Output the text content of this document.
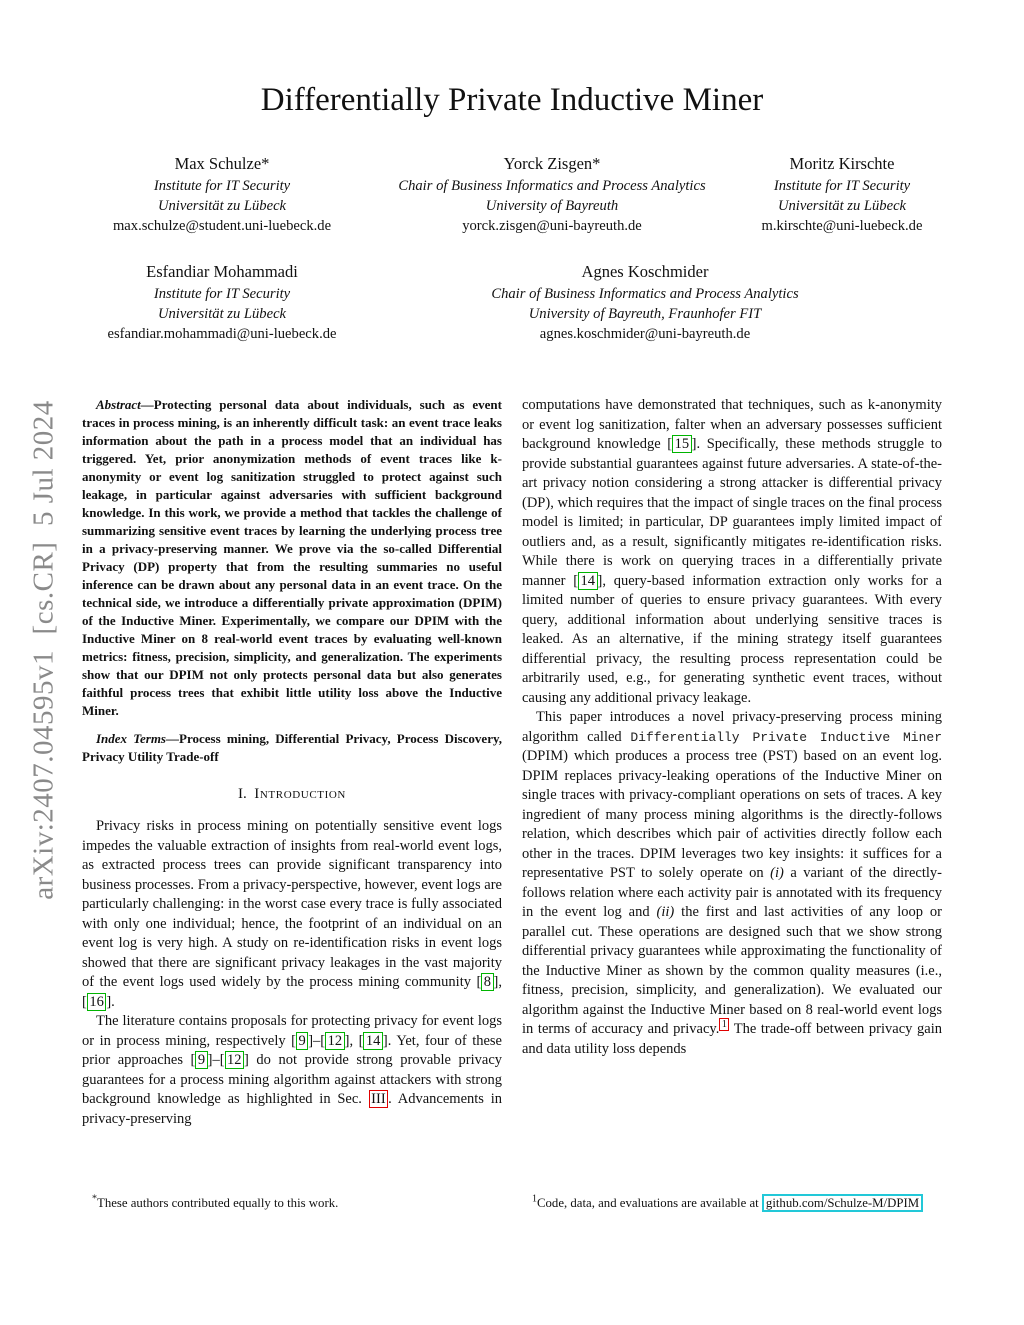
arXiv:2407.04595v1  [cs.CR]  5 Jul 2024
Differentially Private Inductive Miner
Max Schulze*
Institute for IT Security
Universität zu Lübeck
max.schulze@student.uni-luebeck.de
Yorck Zisgen*
Chair of Business Informatics and Process Analytics
University of Bayreuth
yorck.zisgen@uni-bayreuth.de
Moritz Kirschte
Institute for IT Security
Universität zu Lübeck
m.kirschte@uni-luebeck.de
Esfandiar Mohammadi
Institute for IT Security
Universität zu Lübeck
esfandiar.mohammadi@uni-luebeck.de
Agnes Koschmider
Chair of Business Informatics and Process Analytics
University of Bayreuth, Fraunhofer FIT
agnes.koschmider@uni-bayreuth.de

Abstract—Protecting personal data about individuals, such as event traces in process mining, is an inherently difficult task: an event trace leaks information about the path in a process model that an individual has triggered. Yet, prior anonymization methods of event traces like k-anonymity or event log sanitization struggled to protect against such leakage, in particular against adversaries with sufficient background knowledge. In this work, we provide a method that tackles the challenge of summarizing sensitive event traces by learning the underlying process tree in a privacy-preserving manner. We prove via the so-called Differential Privacy (DP) property that from the resulting summaries no useful inference can be drawn about any personal data in an event trace. On the technical side, we introduce a differentially private approximation (DPIM) of the Inductive Miner. Experimentally, we compare our DPIM with the Inductive Miner on 8 real-world event traces by evaluating well-known metrics: fitness, precision, simplicity, and generalization. The experiments show that our DPIM not only protects personal data but also generates faithful process trees that exhibit little utility loss above the Inductive Miner.

Index Terms—Process mining, Differential Privacy, Process Discovery, Privacy Utility Trade-off

I. Introduction

Privacy risks in process mining on potentially sensitive event logs impedes the valuable extraction of insights from real-world event logs, as extracted process trees can provide significant transparency into business processes. From a privacy-perspective, however, event logs are particularly challenging: in the worst case every trace is fully associated with only one individual; hence, the footprint of an individual on an event log is very high. A study on re-identification risks in event logs showed that there are significant privacy leakages in the vast majority of the event logs used widely by the process mining community [ 8 ], [ 16 ].

The literature contains proposals for protecting privacy for event logs or in process mining, respectively [ 9 ]–[ 12 ], [ 14 ]. Yet, four of these prior approaches [ 9 ]–[ 12 ] do not provide strong provable privacy guarantees for a process mining algorithm against attackers with strong background knowledge as highlighted in Sec. III . Advancements in privacy-preserving

*These authors contributed equally to this work.

computations have demonstrated that techniques, such as k-anonymity or event log sanitization, falter when an adversary possesses sufficient background knowledge [ 15 ]. Specifically, these methods struggle to provide substantial guarantees against future adversaries. A state-of-the-art privacy notion considering a strong attacker is differential privacy (DP), which requires that the impact of single traces on the final process model is limited; in particular, DP guarantees imply limited impact of outliers and, as a result, significantly mitigates re-identification risks. While there is work on querying traces in a differentially private manner [ 14 ], query-based information extraction only works for a limited number of queries to ensure privacy guarantees. With every query, additional information about underlying sensitive traces is leaked. As an alternative, if the mining strategy itself guarantees differential privacy, the resulting process representation could be arbitrarily used, e.g., for generating synthetic event traces, without causing any additional privacy leakage.

This paper introduces a novel privacy-preserving process mining algorithm called Differentially Private Inductive Miner (DPIM) which produces a process tree (PST) based on an event log. DPIM replaces privacy-leaking operations of the Inductive Miner on single traces with privacy-compliant operations on sets of traces. A key ingredient of many process mining algorithms is the directly-follows relation, which describes which pair of activities directly follow each other in the traces. DPIM leverages two key insights: it suffices for a representative PST to solely operate on (i) a variant of the directly-follows relation where each activity pair is annotated with its frequency in the event log and (ii) the first and last activities of any loop or parallel cut. These operations are designed such that we show strong differential privacy guarantees while approximating the functionality of the Inductive Miner as shown by the common quality measures (i.e., fitness, precision, simplicity, and generalization). We evaluated our algorithm against the Inductive Miner based on 8 real-world event logs in terms of accuracy and privacy. $^1$ The trade-off between privacy gain and data utility loss depends

$^1$Code, data, and evaluations are available at github.com/Schulze-M/DPIM
